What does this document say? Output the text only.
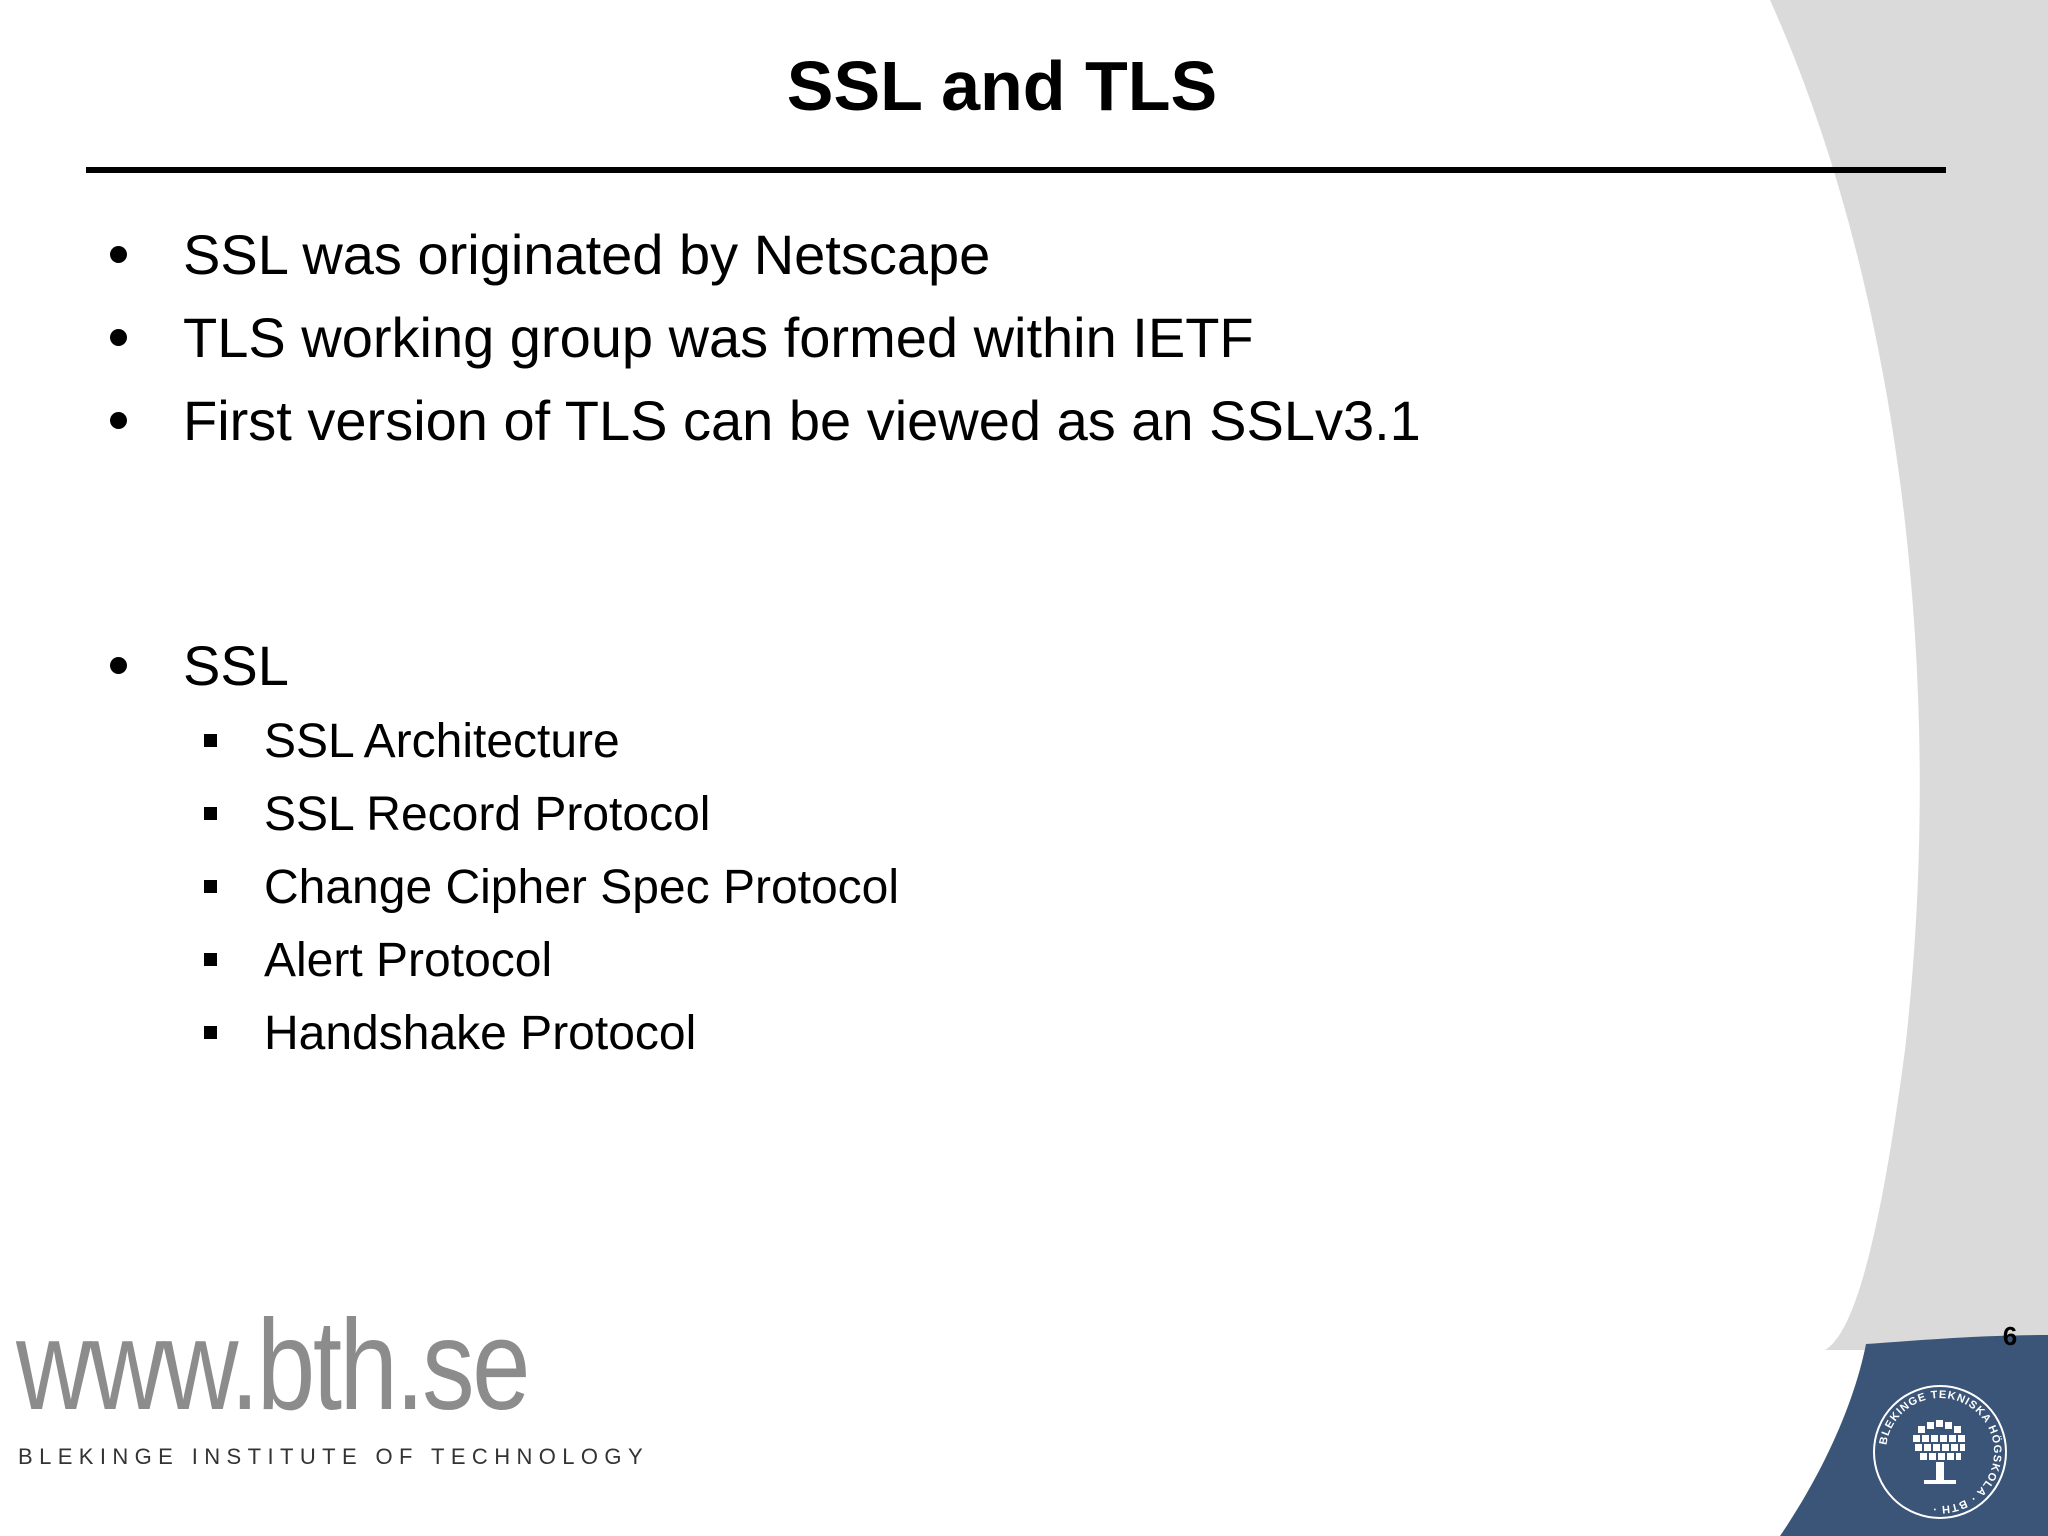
SSL and TLS
SSL was originated by Netscape
TLS working group was formed within IETF
First version of TLS can be viewed as an SSLv3.1
SSL
SSL Architecture
SSL Record Protocol
Change Cipher Spec Protocol
Alert Protocol
Handshake Protocol
www.bth.se
BLEKINGE INSTITUTE OF TECHNOLOGY
6
BLEKINGE TEKNISKA HÖGSKOLA · BTH ·
